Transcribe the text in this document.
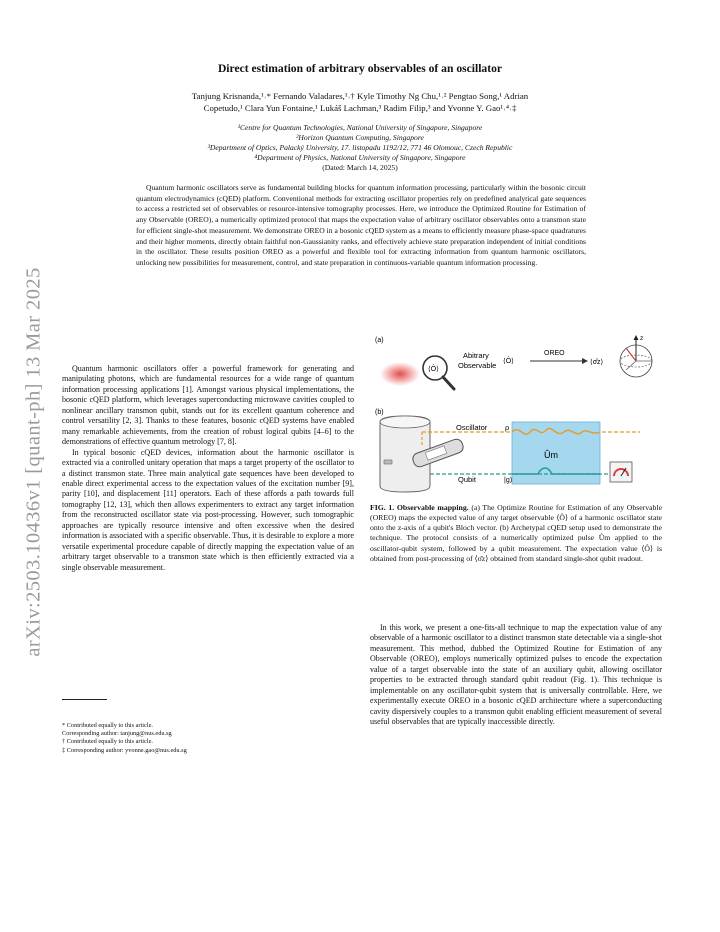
arXiv:2503.10436v1 [quant-ph] 13 Mar 2025
Direct estimation of arbitrary observables of an oscillator
Tanjung Krisnanda,¹˒* Fernando Valadares,¹˒† Kyle Timothy Ng Chu,¹˒² Pengtao Song,¹ Adrian
Copetudo,¹ Clara Yun Fontaine,¹ Lukáš Lachman,³ Radim Filip,³ and Yvonne Y. Gao¹˒⁴˒‡
¹Centre for Quantum Technologies, National University of Singapore, Singapore
²Horizon Quantum Computing, Singapore
³Department of Optics, Palacký University, 17. listopadu 1192/12, 771 46 Olomouc, Czech Republic
⁴Department of Physics, National University of Singapore, Singapore
(Dated: March 14, 2025)
Quantum harmonic oscillators serve as fundamental building blocks for quantum information processing, particularly within the bosonic circuit quantum electrodynamics (cQED) platform. Conventional methods for extracting oscillator properties rely on predefined analytical gate sequences to access a restricted set of observables or resource-intensive tomography processes. Here, we introduce the Optimized Routine for Estimation of any Observable (OREO), a numerically optimized protocol that maps the expectation value of arbitrary oscillator observables onto a transmon state for efficient single-shot measurement. We demonstrate OREO in a bosonic cQED system as a means to efficiently measure phase-space quadratures and their higher moments, directly obtain faithful non-Gaussianity ranks, and effectively achieve state preparation independent of initial conditions in the oscillator. These results position OREO as a powerful and flexible tool for extracting information from quantum harmonic oscillators, unlocking new possibilities for measurement, control, and state preparation in continuous-variable quantum information processing.

Quantum harmonic oscillators offer a powerful framework for generating and manipulating photons, which are fundamental resources for a wide range of quantum information processing applications [1]. Amongst various physical implementations, the bosonic cQED platform, which leverages superconducting microwave cavities coupled to nonlinear ancillary transmon qubit, stands out for its excellent quantum coherence and control versatility [2, 3]. Thanks to these features, bosonic cQED systems have enabled many remarkable achievements, from the creation of robust logical qubits [4–6] to the demonstrations of effective quantum metrology [7, 8].

In typical bosonic cQED devices, information about the harmonic oscillator is extracted via a controlled unitary operation that maps a target property of the oscillator to a distinct transmon state. Three main analytical gate sequences have been developed to enable direct experimental access to the expectation values of the excitation number [9], parity [10], and displacement [11] operators. Each of these affords a path towards full tomography [12, 13], which then allows experimenters to extract any target information from the reconstructed oscillator state via post-processing. However, such tomographic approaches are typically resource intensive and often excessive when the desired information is associated with a specific observable. Thus, it is desirable to explore a more versatile experimental procedure capable of directly mapping the expectation value of an arbitrary target observable to a transmon state which is then efficiently extracted via a single observable measurement.

* Contributed equally to this article.
Corresponding author: tanjung@nus.edu.sg
† Contributed equally to this article.
‡ Corresponding author: yvonne.gao@nus.edu.sg
(a)
⟨Ô⟩
Abitrary
Observable ⟨Ô⟩
OREO
⟨σ̂z⟩
z
(b)
Oscillator ρ
Ûm
Qubit	|g⟩
FIG. 1. Observable mapping. (a) The Optimize Routine for Estimation of any Observable (OREO) maps the expected value of any target observable ⟨Ô⟩ of a harmonic oscillator state onto the z-axis of a qubit's Bloch vector. (b) Archetypal cQED setup used to demonstrate the technique. The protocol consists of a numerically optimized pulse Ûm applied to the oscillator-qubit system, followed by a qubit measurement. The expectation value ⟨Ô⟩ is obtained from post-processing of ⟨σ̂z⟩ obtained from standard single-shot qubit readout.

In this work, we present a one-fits-all technique to map the expectation value of any observable of a harmonic oscillator to a distinct transmon state detectable via a single-shot measurement. This method, dubbed the Optimized Routine for Estimation of any Observable (OREO), employs numerically optimized pulses to encode the expectation value of a target observable into the state of an auxiliary qubit, allowing oscillator properties to be extracted through standard qubit readout (Fig. 1). This technique is implementable on any oscillator-qubit system that is universally controllable. Here, we experimentally execute OREO in a bosonic cQED architecture where a superconducting cavity dispersively couples to a transmon qubit enabling efficient measurement of several useful observables that are typically inaccessible directly.
